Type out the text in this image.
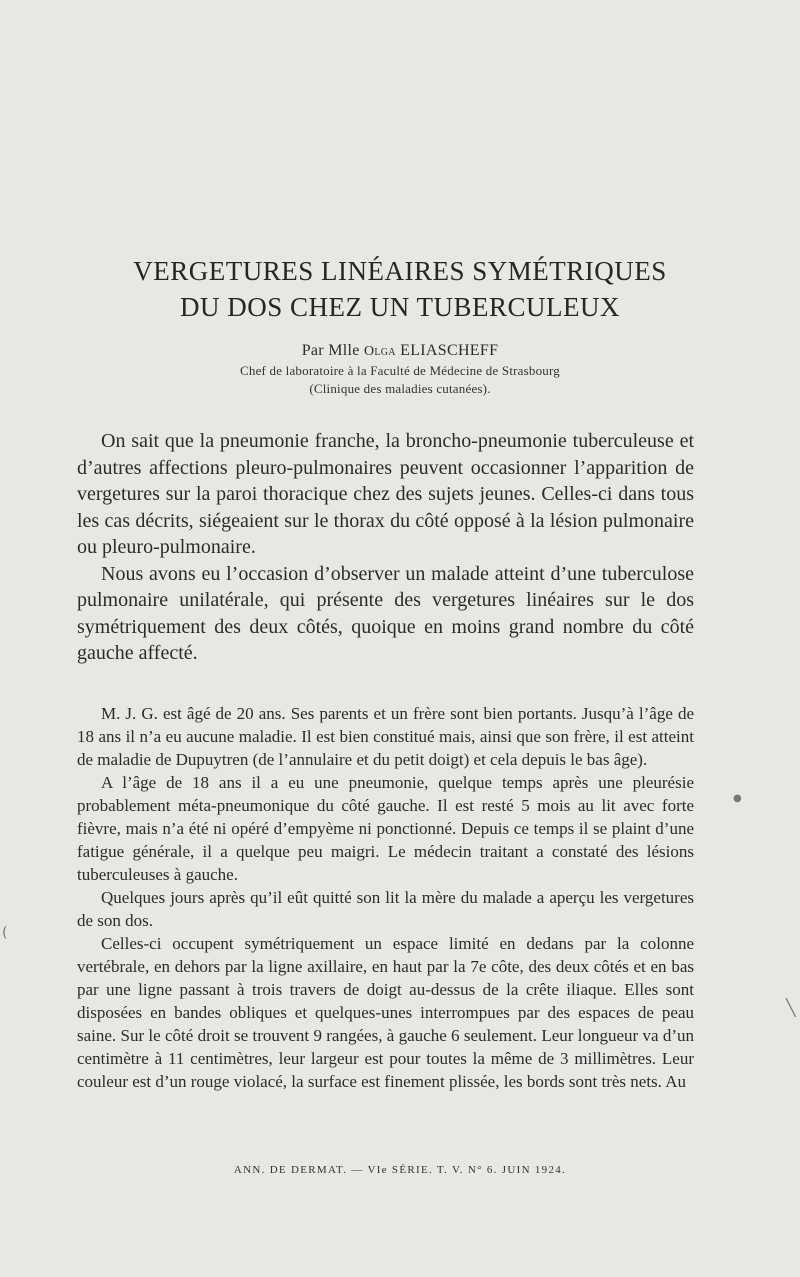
VERGETURES LINÉAIRES SYMÉTRIQUES
DU DOS CHEZ UN TUBERCULEUX
Par Mlle Olga ELIASCHEFF
Chef de laboratoire à la Faculté de Médecine de Strasbourg
(Clinique des maladies cutanées).

On sait que la pneumonie franche, la broncho-pneumonie tuberculeuse et d’autres affections pleuro-pulmonaires peuvent occasionner l’apparition de vergetures sur la paroi thoracique chez des sujets jeunes. Celles-ci dans tous les cas décrits, siégeaient sur le thorax du côté opposé à la lésion pulmonaire ou pleuro-pulmonaire.

Nous avons eu l’occasion d’observer un malade atteint d’une tuberculose pulmonaire unilatérale, qui présente des vergetures linéaires sur le dos symétriquement des deux côtés, quoique en moins grand nombre du côté gauche affecté.

M. J. G. est âgé de 20 ans. Ses parents et un frère sont bien portants. Jusqu’à l’âge de 18 ans il n’a eu aucune maladie. Il est bien constitué mais, ainsi que son frère, il est atteint de maladie de Dupuytren (de l’annulaire et du petit doigt) et cela depuis le bas âge).

A l’âge de 18 ans il a eu une pneumonie, quelque temps après une pleurésie probablement méta-pneumonique du côté gauche. Il est resté 5 mois au lit avec forte fièvre, mais n’a été ni opéré d’empyème ni ponctionné. Depuis ce temps il se plaint d’une fatigue générale, il a quelque peu maigri. Le médecin traitant a constaté des lésions tuberculeuses à gauche.

Quelques jours après qu’il eût quitté son lit la mère du malade a aperçu les vergetures de son dos.

Celles-ci occupent symétriquement un espace limité en dedans par la colonne vertébrale, en dehors par la ligne axillaire, en haut par la 7e côte, des deux côtés et en bas par une ligne passant à trois travers de doigt au-dessus de la crête iliaque. Elles sont disposées en bandes obliques et quelques-unes interrompues par des espaces de peau saine. Sur le côté droit se trouvent 9 rangées, à gauche 6 seulement. Leur longueur va d’un centimètre à 11 centimètres, leur largeur est pour toutes la même de 3 millimètres. Leur couleur est d’un rouge violacé, la surface est finement plissée, les bords sont très nets. Au

ANN. DE DERMAT. — VIe SÉRIE. T. V. N° 6. JUIN 1924.
●
╲
(
